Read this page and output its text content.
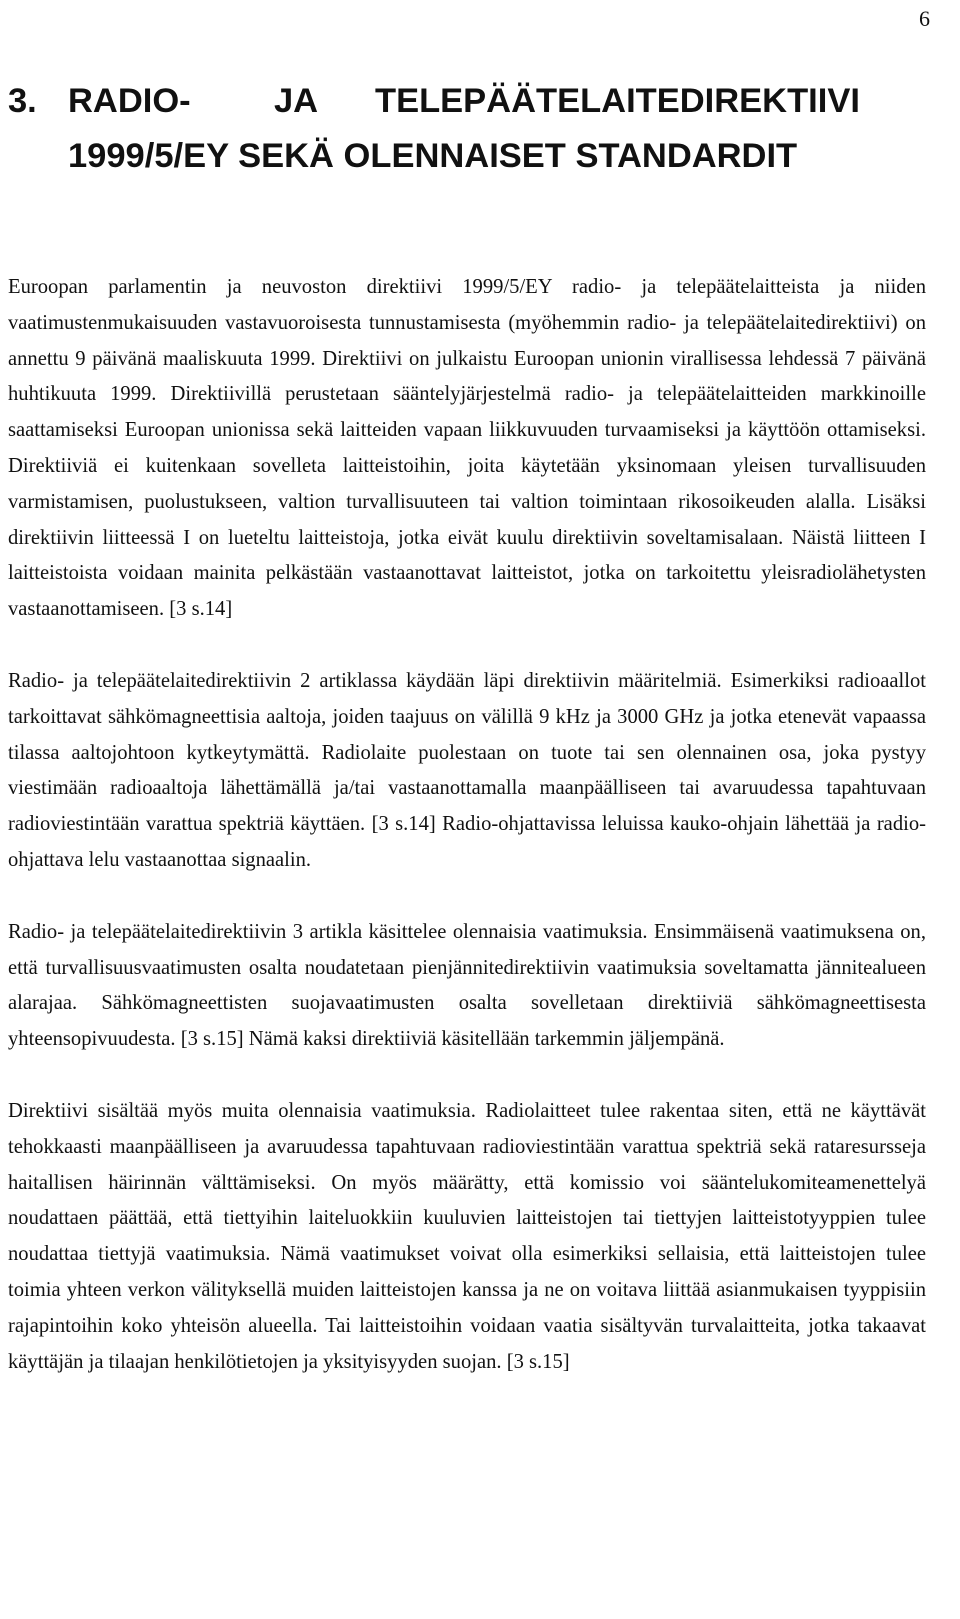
6

3. RADIO-	JA	TELEPÄÄTELAITEDIREKTIIVI
1999/5/EY SEKÄ OLENNAISET STANDARDIT

Euroopan parlamentin ja neuvoston direktiivi 1999/5/EY radio- ja telepäätelaitteista ja niiden vaatimustenmukaisuuden vastavuoroisesta tunnustamisesta (myöhemmin radio- ja telepäätelaitedirektiivi) on annettu 9 päivänä maaliskuuta 1999. Direktiivi on julkaistu Euroopan unionin virallisessa lehdessä 7 päivänä huhtikuuta 1999. Direktiivillä perustetaan sääntelyjärjestelmä radio- ja telepäätelaitteiden markkinoille saattamiseksi Euroopan unionissa sekä laitteiden vapaan liikkuvuuden turvaamiseksi ja käyttöön ottamiseksi. Direktiiviä ei kuitenkaan sovelleta laitteistoihin, joita käytetään yksinomaan yleisen turvallisuuden varmistamisen, puolustukseen, valtion turvallisuuteen tai valtion toimintaan rikosoikeuden alalla. Lisäksi direktiivin liitteessä I on lueteltu laitteistoja, jotka eivät kuulu direktiivin soveltamisalaan. Näistä liitteen I laitteistoista voidaan mainita pelkästään vastaanottavat laitteistot, jotka on tarkoitettu yleisradiolähetysten vastaanottamiseen. [3 s.14]

Radio- ja telepäätelaitedirektiivin 2 artiklassa käydään läpi direktiivin määritelmiä. Esimerkiksi radioaallot tarkoittavat sähkömagneettisia aaltoja, joiden taajuus on välillä 9 kHz ja 3000 GHz ja jotka etenevät vapaassa tilassa aaltojohtoon kytkeytymättä. Radiolaite puolestaan on tuote tai sen olennainen osa, joka pystyy viestimään radioaaltoja lähettämällä ja/tai vastaanottamalla maanpäälliseen tai avaruudessa tapahtuvaan radioviestintään varattua spektriä käyttäen. [3 s.14] Radio-ohjattavissa leluissa kauko-ohjain lähettää ja radio-ohjattava lelu vastaanottaa signaalin.

Radio- ja telepäätelaitedirektiivin 3 artikla käsittelee olennaisia vaatimuksia. Ensimmäisenä vaatimuksena on, että turvallisuusvaatimusten osalta noudatetaan pienjännitedirektiivin vaatimuksia soveltamatta jännitealueen alarajaa. Sähkömagneettisten suojavaatimusten osalta sovelletaan direktiiviä sähkömagneettisesta yhteensopivuudesta. [3 s.15] Nämä kaksi direktiiviä käsitellään tarkemmin jäljempänä.

Direktiivi sisältää myös muita olennaisia vaatimuksia. Radiolaitteet tulee rakentaa siten, että ne käyttävät tehokkaasti maanpäälliseen ja avaruudessa tapahtuvaan radioviestintään varattua spektriä sekä rataresursseja haitallisen häirinnän välttämiseksi. On myös määrätty, että komissio voi sääntelukomiteamenettelyä noudattaen päättää, että tiettyihin laiteluokkiin kuuluvien laitteistojen tai tiettyjen laitteistotyyppien tulee noudattaa tiettyjä vaatimuksia. Nämä vaatimukset voivat olla esimerkiksi sellaisia, että laitteistojen tulee toimia yhteen verkon välityksellä muiden laitteistojen kanssa ja ne on voitava liittää asianmukaisen tyyppisiin rajapintoihin koko yhteisön alueella. Tai laitteistoihin voidaan vaatia sisältyvän turvalaitteita, jotka takaavat käyttäjän ja tilaajan henkilötietojen ja yksityisyyden suojan. [3 s.15]
